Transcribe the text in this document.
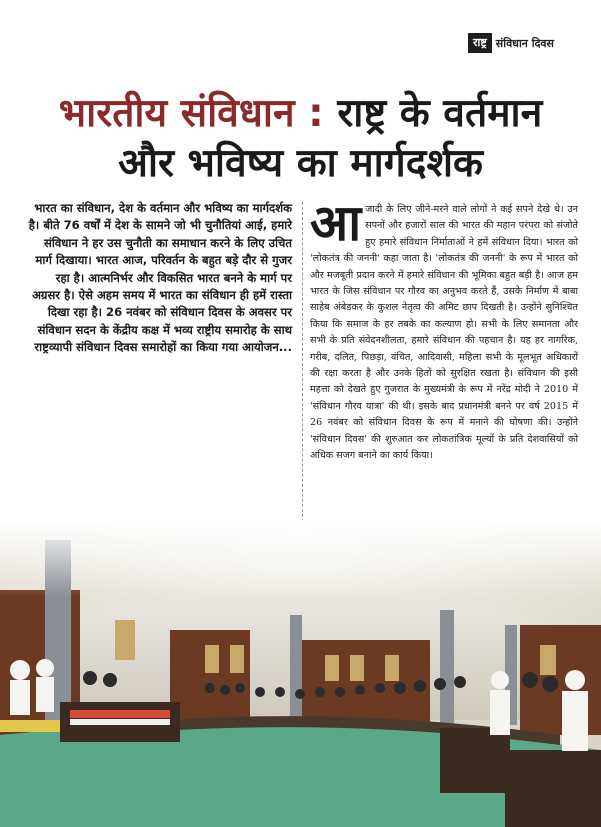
राष्ट्र संविधान दिवस
भारतीय संविधान : राष्ट्र के वर्तमान
और भविष्य का मार्गदर्शक
भारत का संविधान, देश के वर्तमान और भविष्य का मार्गदर्शक है। बीते 76 वर्षों में देश के सामने जो भी चुनौतियां आई, हमारे संविधान ने हर उस चुनौती का समाधान करने के लिए उचित मार्ग दिखाया। भारत आज, परिवर्तन के बहुत बड़े दौर से गुजर रहा है। आत्मनिर्भर और विकसित भारत बनने के मार्ग पर अग्रसर है। ऐसे अहम समय में भारत का संविधान ही हमें रास्ता दिखा रहा है। 26 नवंबर को संविधान दिवस के अवसर पर संविधान सदन के केंद्रीय कक्ष में भव्य राष्ट्रीय समारोह के साथ राष्ट्रव्यापी संविधान दिवस समारोहों का किया गया आयोजन...
आजादी के लिए जीने-मरने वाले लोगों ने कई सपने देखे थे। उन सपनों और हजारों साल की भारत की महान परंपरा को संजोते हुए हमारे संविधान निर्माताओं ने हमें संविधान दिया। भारत को 'लोकतंत्र की जननी' कहा जाता है। 'लोकतंत्र की जननी' के रूप में भारत को और मजबूती प्रदान करने में हमारे संविधान की भूमिका बहुत बड़ी है। आज हम भारत के जिस संविधान पर गौरव का अनुभव करते हैं, उसके निर्माण में बाबा साहेब अंबेडकर के कुशल नेतृत्व की अमिट छाप दिखती है। उन्होंने सुनिश्चित किया कि समाज के हर तबके का कल्याण हो। सभी के लिए समानता और सभी के प्रति संवेदनशीलता, हमारे संविधान की पहचान है। यह हर नागरिक, गरीब, दलित, पिछड़ा, वंचित, आदिवासी, महिला सभी के मूलभूत अधिकारों की रक्षा करता है और उनके हितों को सुरक्षित रखता है। संविधान की इसी महत्ता को देखते हुए गुजरात के मुख्यमंत्री के रूप में नरेंद्र मोदी ने 2010 में 'संविधान गौरव यात्रा' की थी। इसके बाद प्रधानमंत्री बनने पर वर्ष 2015 में 26 नवंबर को संविधान दिवस के रूप में मनाने की घोषणा की। उन्होंने 'संविधान दिवस' की शुरुआत कर लोकतांत्रिक मूल्यों के प्रति देशवासियों को अधिक सजग बनाने का कार्य किया।
